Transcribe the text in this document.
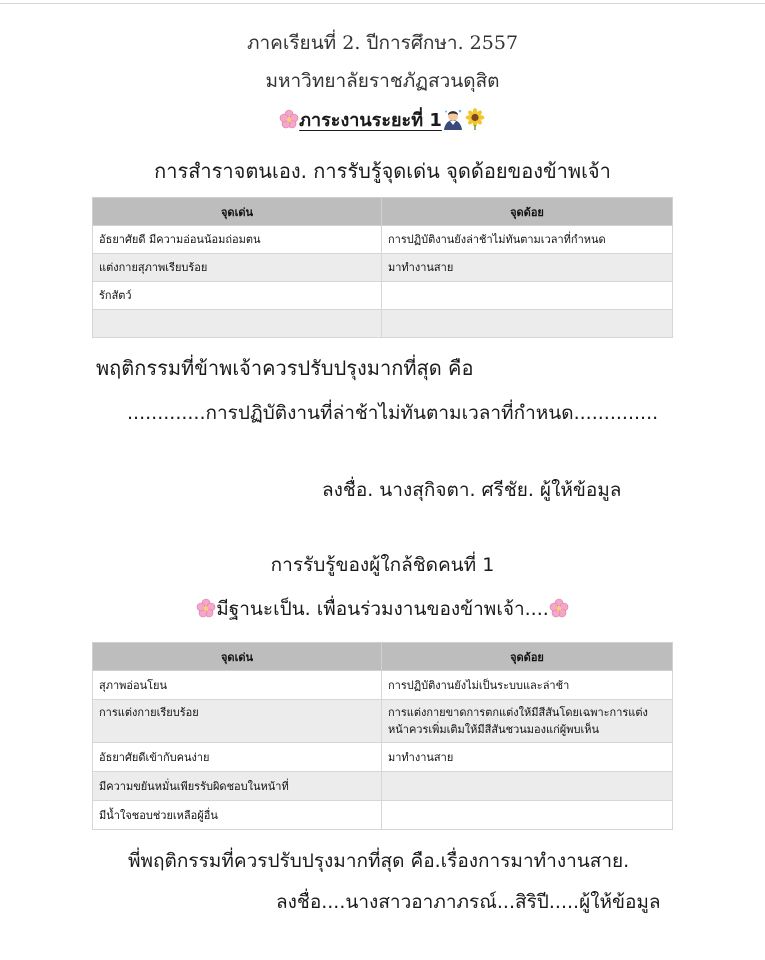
ภาคเรียนที่ 2. ปีการศึกษา. 2557
มหาวิทยาลัยราชภัฏสวนดุสิต
ภาระงานระยะที่ 1
การสำราจตนเอง. การรับรู้จุดเด่น จุดด้อยของข้าพเจ้า
จุดเด่น	จุดด้อย
อัธยาศัยดี มีความอ่อนน้อมถ่อมตน	การปฏิบัติงานยังล่าช้าไม่ทันตามเวลาที่กำหนด
แต่งกายสุภาพเรียบร้อย	มาทำงานสาย
รักสัตว์	

พฤติกรรมที่ข้าพเจ้าควรปรับปรุงมากที่สุด คือ
.............การปฏิบัติงานที่ล่าช้าไม่ทันตามเวลาที่กำหนด..............
ลงชื่อ. นางสุกิจตา. ศรีชัย. ผู้ให้ข้อมูล
การรับรู้ของผู้ใกล้ชิดคนที่ 1
มีฐานะเป็น. เพื่อนร่วมงานของข้าพเจ้า....
จุดเด่น	จุดด้อย
สุภาพอ่อนโยน	การปฏิบัติงานยังไม่เป็นระบบและล่าช้า
การแต่งกายเรียบร้อย	การแต่งกายขาดการตกแต่งให้มีสีสันโดยเฉพาะการแต่งหน้าควรเพิ่มเติมให้มีสีสันชวนมองแก่ผู้พบเห็น
อัธยาศัยดีเข้ากับคนง่าย	มาทำงานสาย
มีความขยันหมั่นเพียรรับผิดชอบในหน้าที่	
มีน้ำใจชอบช่วยเหลือผู้อื่น	
พี่พฤติกรรมที่ควรปรับปรุงมากที่สุด คือ.เรื่องการมาทำงานสาย.
ลงชื่อ....นางสาวอาภาภรณ์...สิริปี.....ผู้ให้ข้อมูล
